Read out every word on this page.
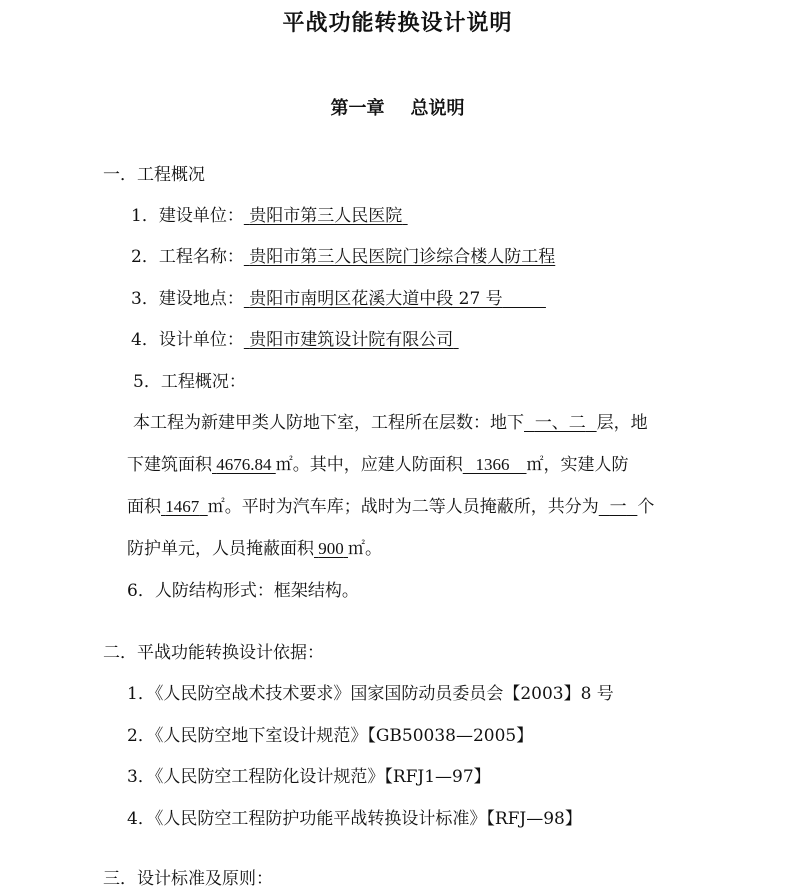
平战功能转换设计说明
第一章 总说明
一．工程概况
1．建设单位： 贵阳市第三人民医院
2．工程名称： 贵阳市第三人民医院门诊综合楼人防工程
3．建设地点： 贵阳市南明区花溪大道中段 27 号
4．设计单位： 贵阳市建筑设计院有限公司
5．工程概况：
本工程为新建甲类人防地下室，工程所在层数：地下 一、二 层，地
下建筑面积 4676.84 ㎡。其中，应建人防面积 1366 ㎡，实建人防
面积 1467 ㎡。平时为汽车库；战时为二等人员掩蔽所，共分为 一 个
防护单元，人员掩蔽面积 900 ㎡。
6．人防结构形式：框架结构。
二．平战功能转换设计依据：
1．《人民防空战术技术要求》国家国防动员委员会【2003】8 号
2．《人民防空地下室设计规范》【GB50038—2005】
3．《人民防空工程防化设计规范》【RFJ1—97】
4．《人民防空工程防护功能平战转换设计标准》【RFJ—98】
三．设计标准及原则：
